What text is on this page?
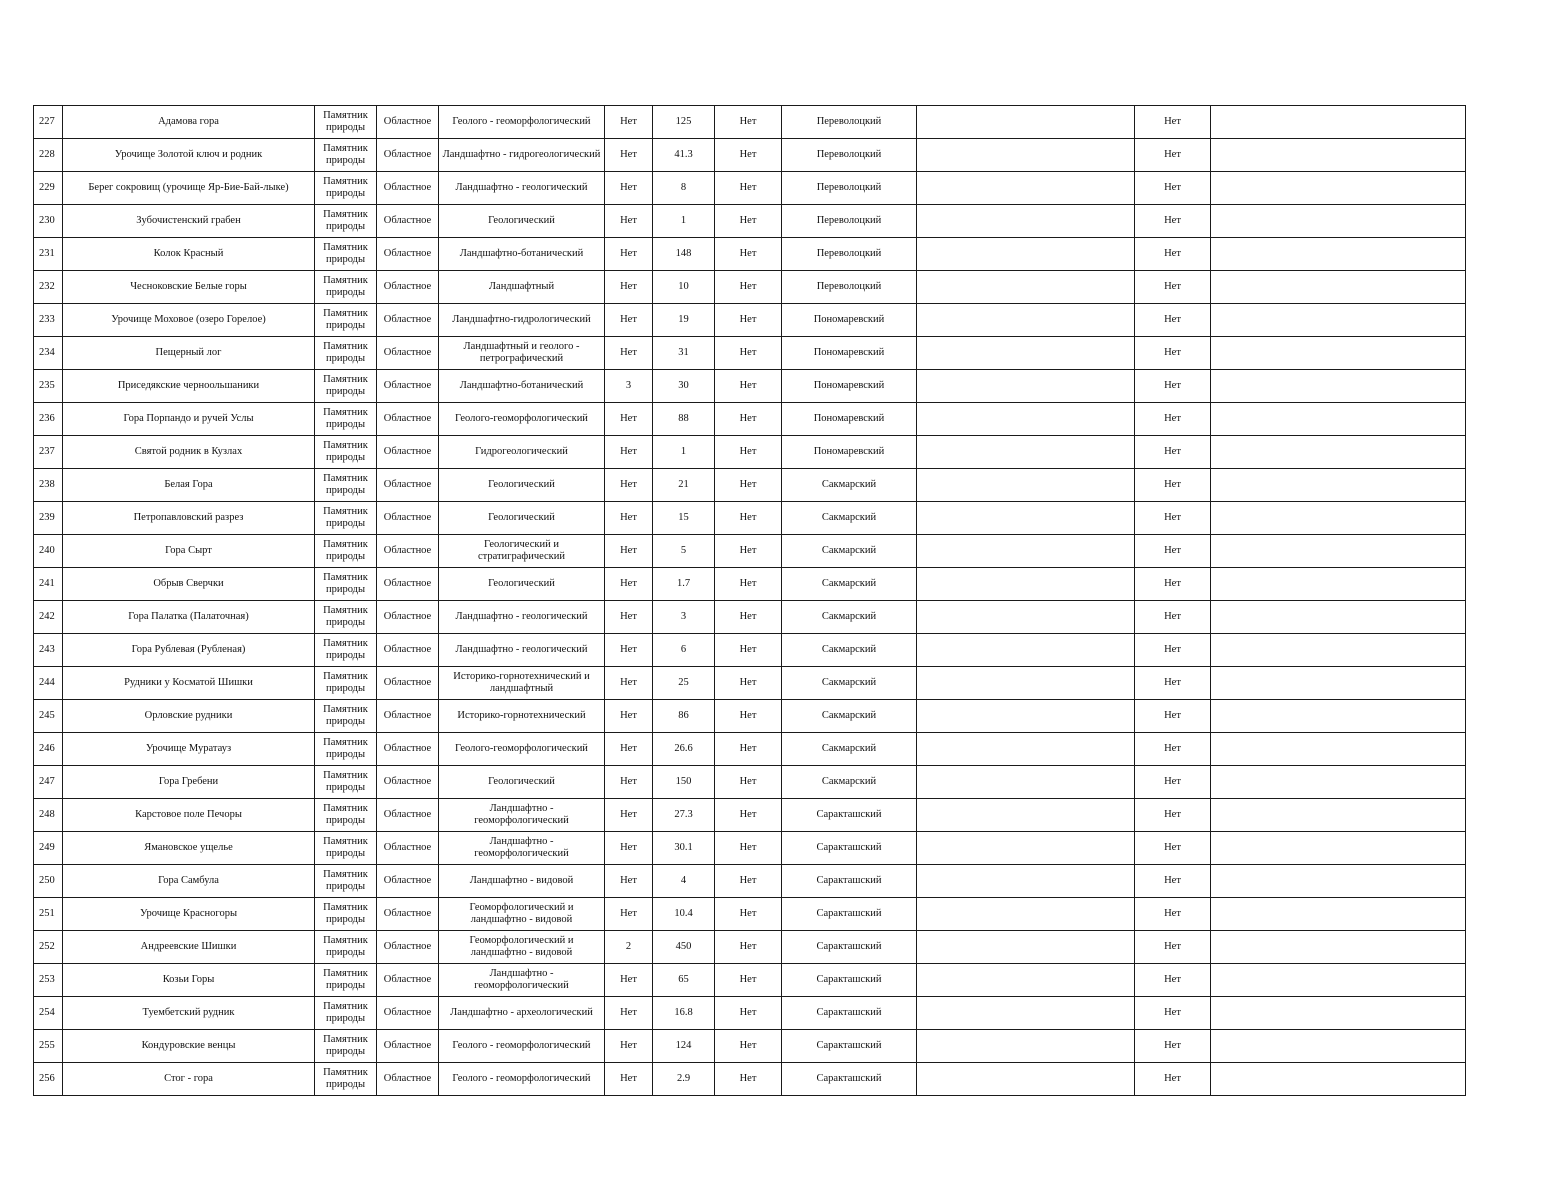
227	Адамова гора	Памятник природы	Областное	Геолого - геоморфологический	Нет	125	Нет	Переволоцкий		Нет	
228	Урочище Золотой ключ и родник	Памятник природы	Областное	Ландшафтно - гидрогеологический	Нет	41.3	Нет	Переволоцкий		Нет	
229	Берег сокровищ (урочище Яр-Бие-Бай-лыке)	Памятник природы	Областное	Ландшафтно - геологический	Нет	8	Нет	Переволоцкий		Нет	
230	Зубочистенский грабен	Памятник природы	Областное	Геологический	Нет	1	Нет	Переволоцкий		Нет	
231	Колок Красный	Памятник природы	Областное	Ландшафтно-ботанический	Нет	148	Нет	Переволоцкий		Нет	
232	Чесноковские Белые горы	Памятник природы	Областное	Ландшафтный	Нет	10	Нет	Переволоцкий		Нет	
233	Урочище Моховое (озеро Горелое)	Памятник природы	Областное	Ландшафтно-гидрологический	Нет	19	Нет	Пономаревский		Нет	
234	Пещерный лог	Памятник природы	Областное	Ландшафтный и геолого - петрографический	Нет	31	Нет	Пономаревский		Нет	
235	Приседякские черноольшаники	Памятник природы	Областное	Ландшафтно-ботанический	3	30	Нет	Пономаревский		Нет	
236	Гора Порпандо и ручей Услы	Памятник природы	Областное	Геолого-геоморфологический	Нет	88	Нет	Пономаревский		Нет	
237	Святой родник в Кузлах	Памятник природы	Областное	Гидрогеологический	Нет	1	Нет	Пономаревский		Нет	
238	Белая Гора	Памятник природы	Областное	Геологический	Нет	21	Нет	Сакмарский		Нет	
239	Петропавловский разрез	Памятник природы	Областное	Геологический	Нет	15	Нет	Сакмарский		Нет	
240	Гора Сырт	Памятник природы	Областное	Геологический и стратиграфический	Нет	5	Нет	Сакмарский		Нет	
241	Обрыв Сверчки	Памятник природы	Областное	Геологический	Нет	1.7	Нет	Сакмарский		Нет	
242	Гора Палатка (Палаточная)	Памятник природы	Областное	Ландшафтно - геологический	Нет	3	Нет	Сакмарский		Нет	
243	Гора Рублевая (Рубленая)	Памятник природы	Областное	Ландшафтно - геологический	Нет	6	Нет	Сакмарский		Нет	
244	Рудники у Косматой Шишки	Памятник природы	Областное	Историко-горнотехнический и ландшафтный	Нет	25	Нет	Сакмарский		Нет	
245	Орловские рудники	Памятник природы	Областное	Историко-горнотехнический	Нет	86	Нет	Сакмарский		Нет	
246	Урочище Муратауз	Памятник природы	Областное	Геолого-геоморфологический	Нет	26.6	Нет	Сакмарский		Нет	
247	Гора Гребени	Памятник природы	Областное	Геологический	Нет	150	Нет	Сакмарский		Нет	
248	Карстовое поле Печоры	Памятник природы	Областное	Ландшафтно - геоморфологический	Нет	27.3	Нет	Саракташский		Нет	
249	Ямановское ущелье	Памятник природы	Областное	Ландшафтно - геоморфологический	Нет	30.1	Нет	Саракташский		Нет	
250	Гора Самбула	Памятник природы	Областное	Ландшафтно - видовой	Нет	4	Нет	Саракташский		Нет	
251	Урочище Красногоры	Памятник природы	Областное	Геоморфологический и ландшафтно - видовой	Нет	10.4	Нет	Саракташский		Нет	
252	Андреевские Шишки	Памятник природы	Областное	Геоморфологический и ландшафтно - видовой	2	450	Нет	Саракташский		Нет	
253	Козьи Горы	Памятник природы	Областное	Ландшафтно - геоморфологический	Нет	65	Нет	Саракташский		Нет	
254	Туембетский рудник	Памятник природы	Областное	Ландшафтно - археологический	Нет	16.8	Нет	Саракташский		Нет	
255	Кондуровские венцы	Памятник природы	Областное	Геолого - геоморфологический	Нет	124	Нет	Саракташский		Нет	
256	Стог - гора	Памятник природы	Областное	Геолого - геоморфологический	Нет	2.9	Нет	Саракташский		Нет	
